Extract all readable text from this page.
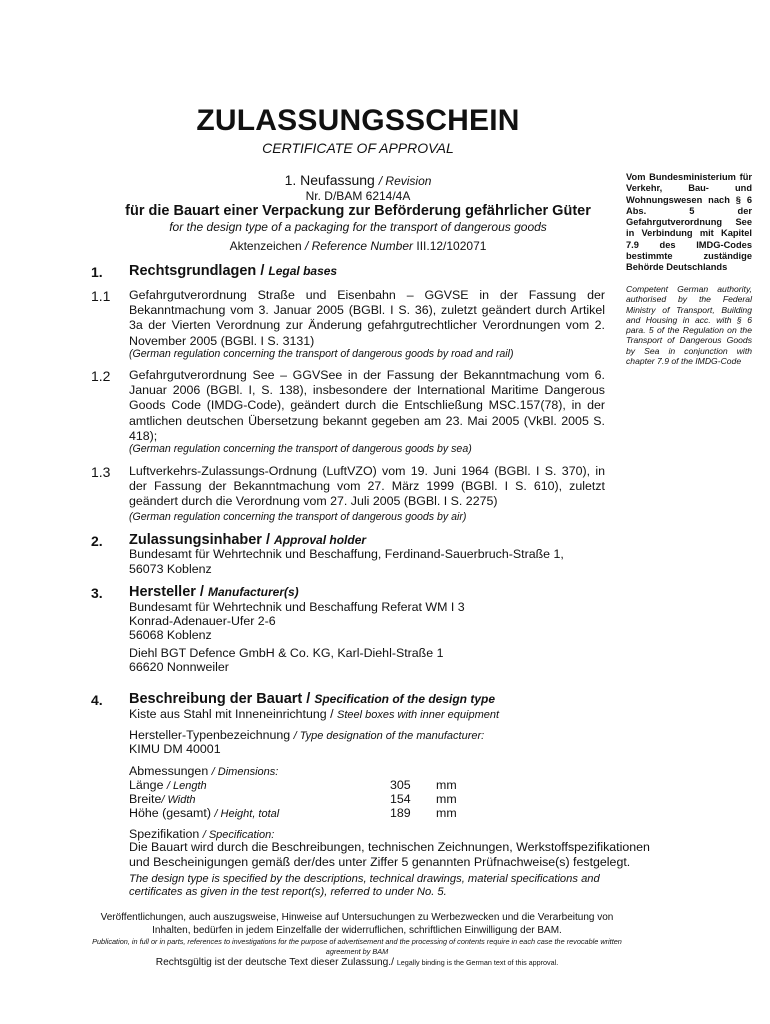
ZULASSUNGSSCHEIN
CERTIFICATE OF APPROVAL
1. Neufassung / Revision
Nr. D/BAM 6214/4A
für die Bauart einer Verpackung zur Beförderung gefährlicher Güter
for the design type of a packaging for the transport of dangerous goods
Aktenzeichen / Reference Number III.12/102071
Vom Bundesministerium für Verkehr, Bau- und Wohnungswesen nach § 6 Abs. 5 der Gefahrgutverordnung See in Verbindung mit Kapitel 7.9 des IMDG-Codes bestimmte zuständige Behörde Deutschlands
Competent German authority, authorised by the Federal Ministry of Transport, Building and Housing in acc. with § 6 para. 5 of the Regulation on the Transport of Dangerous Goods by Sea in conjunction with chapter 7.9 of the IMDG-Code
1. Rechtsgrundlagen / Legal bases
1.1 Gefahrgutverordnung Straße und Eisenbahn – GGVSE in der Fassung der Bekanntmachung vom 3. Januar 2005 (BGBl. I S. 36), zuletzt geändert durch Artikel 3a der Vierten Verordnung zur Änderung gefahrgutrechtlicher Verordnungen vom 2. November 2005 (BGBl. I S. 3131)
(German regulation concerning the transport of dangerous goods by road and rail)
1.2 Gefahrgutverordnung See – GGVSee in der Fassung der Bekanntmachung vom 6. Januar 2006 (BGBl. I, S. 138), insbesondere der International Maritime Dangerous Goods Code (IMDG-Code), geändert durch die Entschließung MSC.157(78), in der amtlichen deutschen Übersetzung bekannt gegeben am 23. Mai 2005 (VkBl. 2005 S. 418);
(German regulation concerning the transport of dangerous goods by sea)
1.3 Luftverkehrs-Zulassungs-Ordnung (LuftVZO) vom 19. Juni 1964 (BGBl. I S. 370), in der Fassung der Bekanntmachung vom 27. März 1999 (BGBl. I S. 610), zuletzt geändert durch die Verordnung vom 27. Juli 2005 (BGBl. I S. 2275)
(German regulation concerning the transport of dangerous goods by air)
2. Zulassungsinhaber / Approval holder
Bundesamt für Wehrtechnik und Beschaffung, Ferdinand-Sauerbruch-Straße 1,
56073 Koblenz
3. Hersteller / Manufacturer(s)
Bundesamt für Wehrtechnik und Beschaffung Referat WM I 3
Konrad-Adenauer-Ufer 2-6
56068 Koblenz
Diehl BGT Defence GmbH & Co. KG, Karl-Diehl-Straße 1
66620 Nonnweiler
4. Beschreibung der Bauart / Specification of the design type
Kiste aus Stahl mit Inneneinrichtung / Steel boxes with inner equipment
Hersteller-Typenbezeichnung / Type designation of the manufacturer:
KIMU DM 40001
Abmessungen / Dimensions:
Länge / Length	305 mm
Breite/ Width	154 mm
Höhe (gesamt) / Height, total	189 mm
Spezifikation / Specification:
Die Bauart wird durch die Beschreibungen, technischen Zeichnungen, Werkstoffspezifikationen und Bescheinigungen gemäß der/des unter Ziffer 5 genannten Prüfnachweise(s) festgelegt.
The design type is specified by the descriptions, technical drawings, material specifications and certificates as given in the test report(s), referred to under No. 5.
Veröffentlichungen, auch auszugsweise, Hinweise auf Untersuchungen zu Werbezwecken und die Verarbeitung von Inhalten, bedürfen in jedem Einzelfalle der widerruflichen, schriftlichen Einwilligung der BAM.
Publication, in full or in parts, references to investigations for the purpose of advertisement and the processing of contents require in each case the revocable written agreement by BAM
Rechtsgültig ist der deutsche Text dieser Zulassung./ Legally binding is the German text of this approval.
